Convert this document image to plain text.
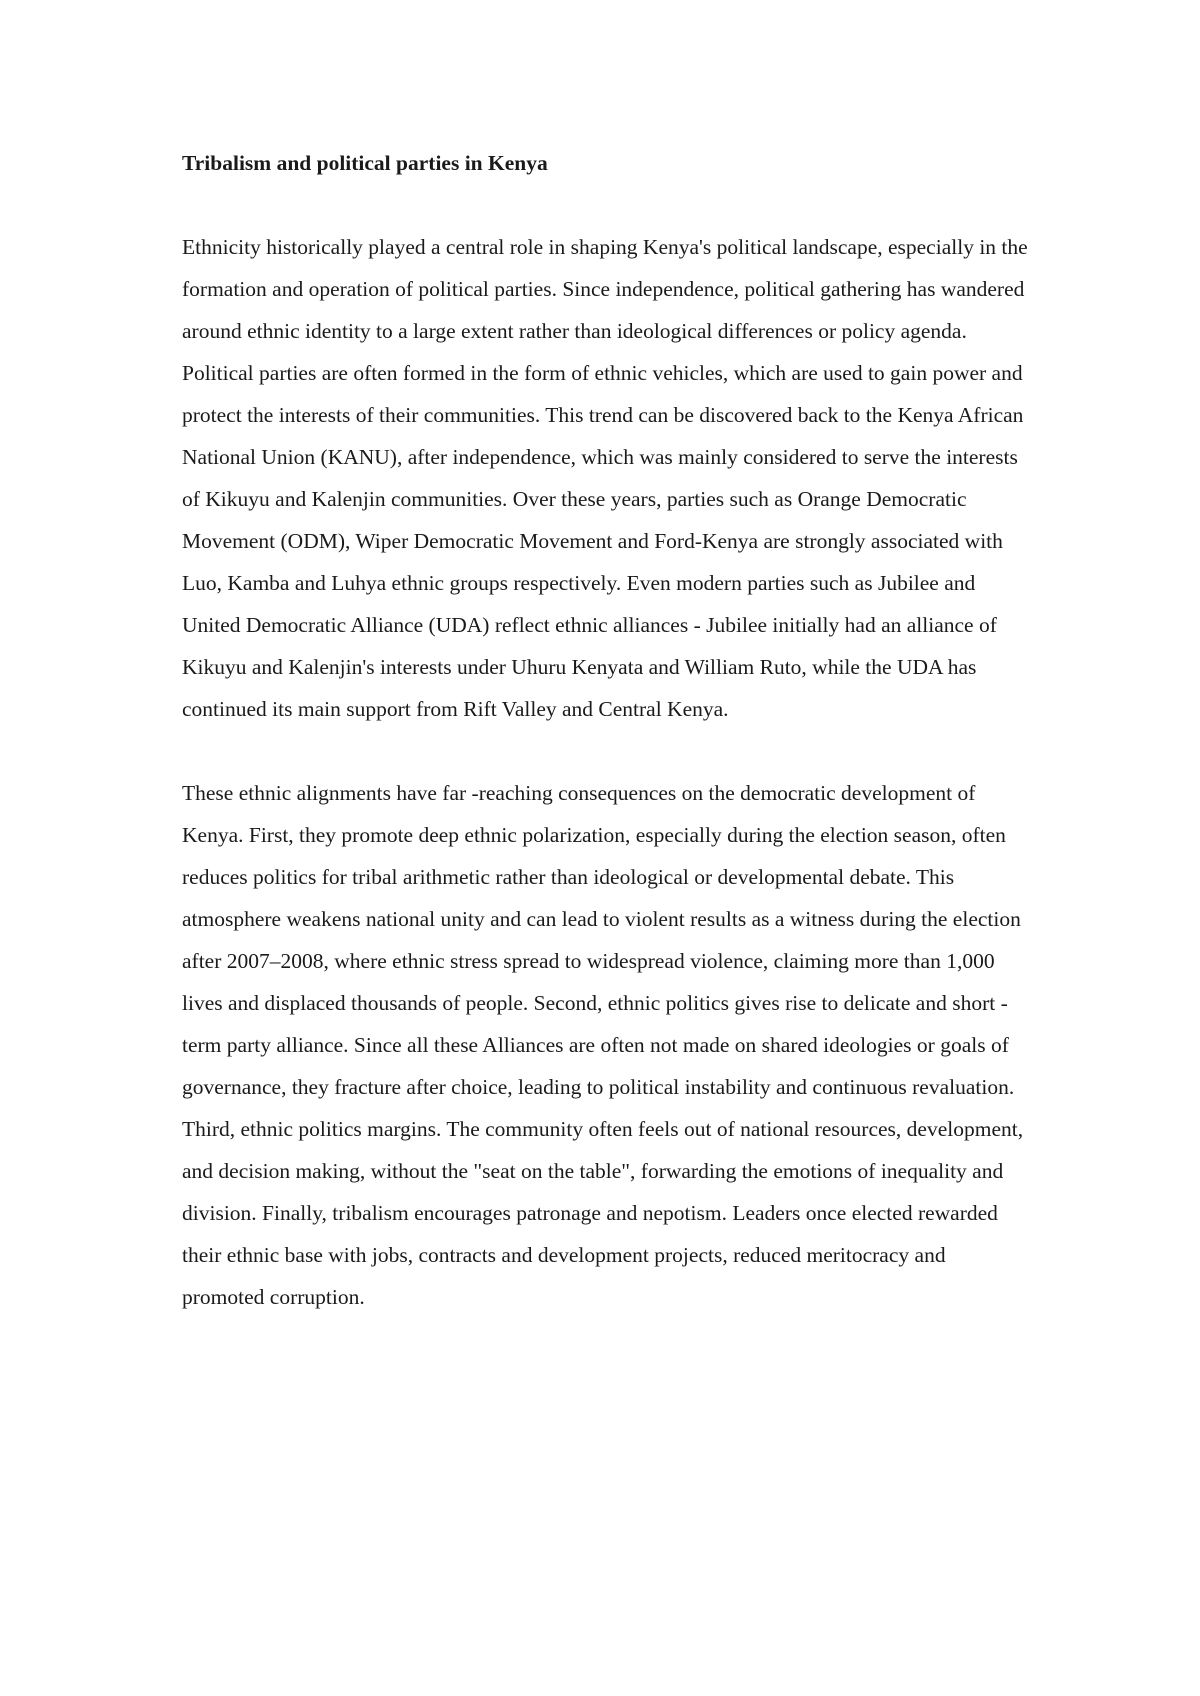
Tribalism and political parties in Kenya

Ethnicity historically played a central role in shaping Kenya's political landscape, especially in the formation and operation of political parties. Since independence, political gathering has wandered around ethnic identity to a large extent rather than ideological differences or policy agenda. Political parties are often formed in the form of ethnic vehicles, which are used to gain power and protect the interests of their communities. This trend can be discovered back to the Kenya African National Union (KANU), after independence, which was mainly considered to serve the interests of Kikuyu and Kalenjin communities. Over these years, parties such as Orange Democratic Movement (ODM), Wiper Democratic Movement and Ford-Kenya are strongly associated with Luo, Kamba and Luhya ethnic groups respectively. Even modern parties such as Jubilee and United Democratic Alliance (UDA) reflect ethnic alliances - Jubilee initially had an alliance of Kikuyu and Kalenjin's interests under Uhuru Kenyata and William Ruto, while the UDA has continued its main support from Rift Valley and Central Kenya.

These ethnic alignments have far -reaching consequences on the democratic development of Kenya. First, they promote deep ethnic polarization, especially during the election season, often reduces politics for tribal arithmetic rather than ideological or developmental debate. This atmosphere weakens national unity and can lead to violent results as a witness during the election after 2007–2008, where ethnic stress spread to widespread violence, claiming more than 1,000 lives and displaced thousands of people. Second, ethnic politics gives rise to delicate and short -term party alliance. Since all these Alliances are often not made on shared ideologies or goals of governance, they fracture after choice, leading to political instability and continuous revaluation. Third, ethnic politics margins. The community often feels out of national resources, development, and decision making, without the "seat on the table", forwarding the emotions of inequality and division. Finally, tribalism encourages patronage and nepotism. Leaders once elected rewarded their ethnic base with jobs, contracts and development projects, reduced meritocracy and promoted corruption.
